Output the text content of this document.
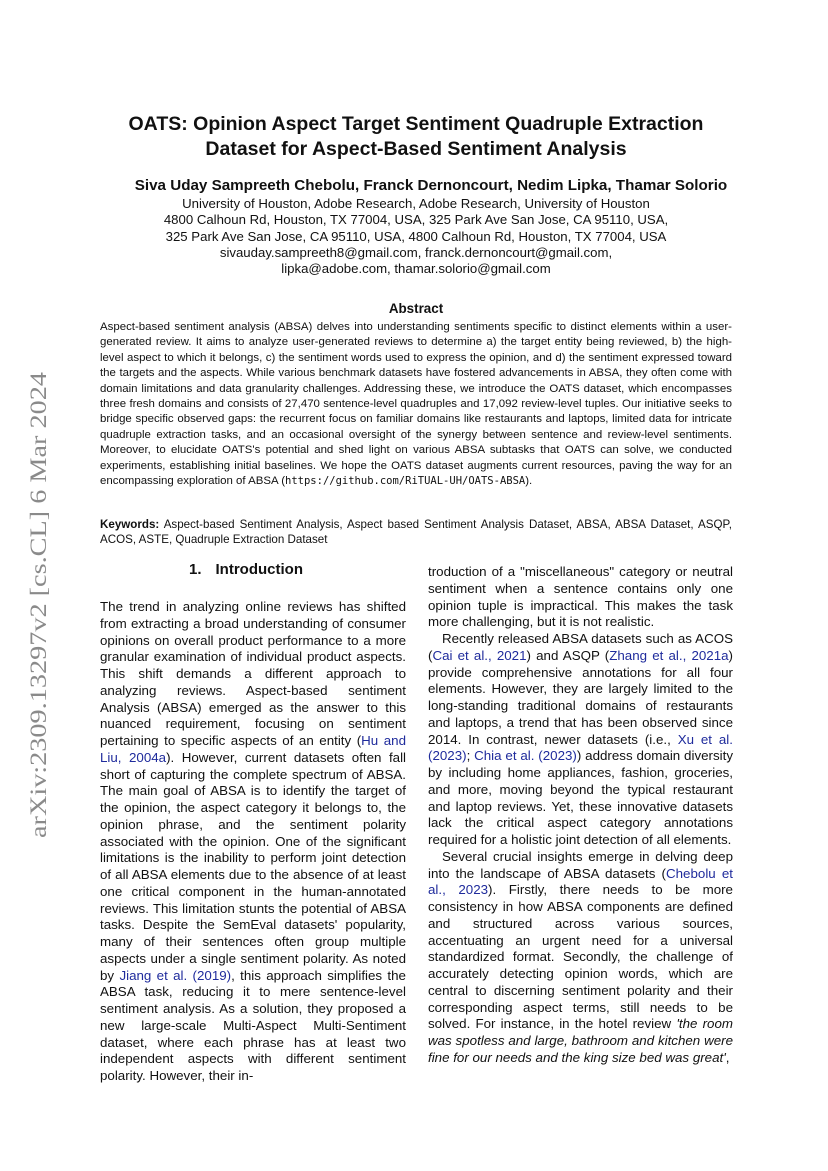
arXiv:2309.13297v2 [cs.CL] 6 Mar 2024
OATS: Opinion Aspect Target Sentiment Quadruple Extraction
Dataset for Aspect-Based Sentiment Analysis
Siva Uday Sampreeth Chebolu, Franck Dernoncourt, Nedim Lipka, Thamar Solorio
University of Houston, Adobe Research, Adobe Research, University of Houston
4800 Calhoun Rd, Houston, TX 77004, USA, 325 Park Ave San Jose, CA 95110, USA,
325 Park Ave San Jose, CA 95110, USA, 4800 Calhoun Rd, Houston, TX 77004, USA
sivauday.sampreeth8@gmail.com, franck.dernoncourt@gmail.com,
lipka@adobe.com, thamar.solorio@gmail.com
Abstract
Aspect-based sentiment analysis (ABSA) delves into understanding sentiments specific to distinct elements within a user-generated review. It aims to analyze user-generated reviews to determine a) the target entity being reviewed, b) the high-level aspect to which it belongs, c) the sentiment words used to express the opinion, and d) the sentiment expressed toward the targets and the aspects. While various benchmark datasets have fostered advancements in ABSA, they often come with domain limitations and data granularity challenges. Addressing these, we introduce the OATS dataset, which encompasses three fresh domains and consists of 27,470 sentence-level quadruples and 17,092 review-level tuples. Our initiative seeks to bridge specific observed gaps: the recurrent focus on familiar domains like restaurants and laptops, limited data for intricate quadruple extraction tasks, and an occasional oversight of the synergy between sentence and review-level sentiments. Moreover, to elucidate OATS's potential and shed light on various ABSA subtasks that OATS can solve, we conducted experiments, establishing initial baselines. We hope the OATS dataset augments current resources, paving the way for an encompassing exploration of ABSA (https://github.com/RiTUAL-UH/OATS-ABSA).
Keywords: Aspect-based Sentiment Analysis, Aspect based Sentiment Analysis Dataset, ABSA, ABSA Dataset, ASQP, ACOS, ASTE, Quadruple Extraction Dataset
1. Introduction

The trend in analyzing online reviews has shifted from extracting a broad understanding of consumer opinions on overall product performance to a more granular examination of individual product aspects. This shift demands a different approach to analyzing reviews. Aspect-based sentiment Analysis (ABSA) emerged as the answer to this nuanced requirement, focusing on sentiment pertaining to specific aspects of an entity (Hu and Liu, 2004a). However, current datasets often fall short of capturing the complete spectrum of ABSA. The main goal of ABSA is to identify the target of the opinion, the aspect category it belongs to, the opinion phrase, and the sentiment polarity associated with the opinion. One of the significant limitations is the inability to perform joint detection of all ABSA elements due to the absence of at least one critical component in the human-annotated reviews. This limitation stunts the potential of ABSA tasks. Despite the SemEval datasets' popularity, many of their sentences often group multiple aspects under a single sentiment polarity. As noted by Jiang et al. (2019), this approach simplifies the ABSA task, reducing it to mere sentence-level sentiment analysis. As a solution, they proposed a new large-scale Multi-Aspect Multi-Sentiment dataset, where each phrase has at least two independent aspects with different sentiment polarity. However, their in-

troduction of a "miscellaneous" category or neutral sentiment when a sentence contains only one opinion tuple is impractical. This makes the task more challenging, but it is not realistic.

Recently released ABSA datasets such as ACOS (Cai et al., 2021) and ASQP (Zhang et al., 2021a) provide comprehensive annotations for all four elements. However, they are largely limited to the long-standing traditional domains of restaurants and laptops, a trend that has been observed since 2014. In contrast, newer datasets (i.e., Xu et al. (2023); Chia et al. (2023)) address domain diversity by including home appliances, fashion, groceries, and more, moving beyond the typical restaurant and laptop reviews. Yet, these innovative datasets lack the critical aspect category annotations required for a holistic joint detection of all elements.

Several crucial insights emerge in delving deep into the landscape of ABSA datasets (Chebolu et al., 2023). Firstly, there needs to be more consistency in how ABSA components are defined and structured across various sources, accentuating an urgent need for a universal standardized format. Secondly, the challenge of accurately detecting opinion words, which are central to discerning sentiment polarity and their corresponding aspect terms, still needs to be solved. For instance, in the hotel review 'the room was spotless and large, bathroom and kitchen were fine for our needs and the king size bed was great',
